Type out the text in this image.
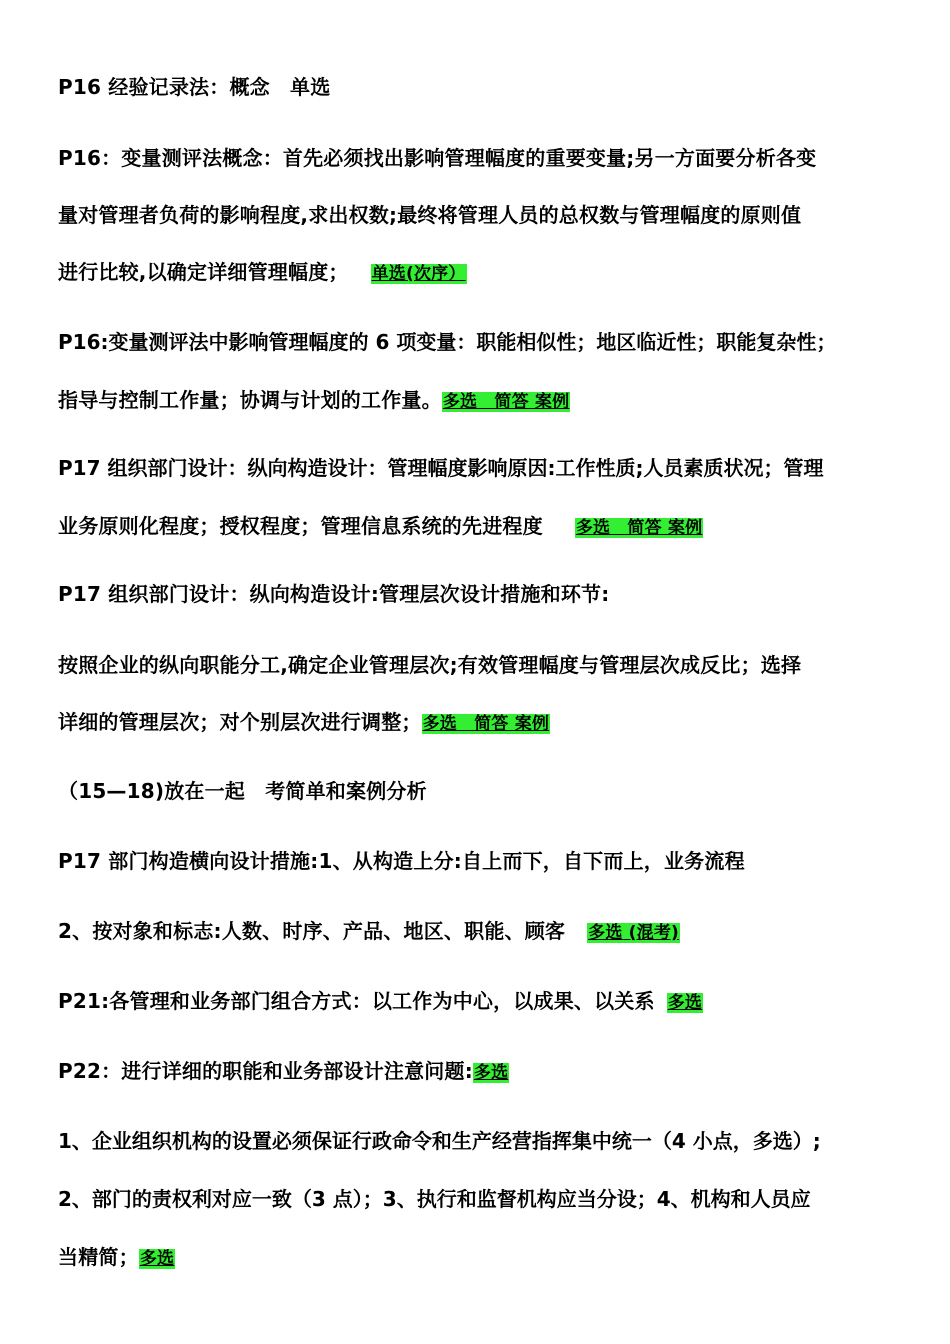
P16 经验记录法：概念　单选
P16：变量测评法概念：首先必须找出影响管理幅度的重要变量;另一方面要分析各变
量对管理者负荷的影响程度,求出权数;最终将管理人员的总权数与管理幅度的原则值
进行比较,以确定详细管理幅度； 单选(次序）
P16:变量测评法中影响管理幅度的 6 项变量：职能相似性；地区临近性；职能复杂性；
指导与控制工作量；协调与计划的工作量。多选　简答 案例
P17 组织部门设计：纵向构造设计：管理幅度影响原因:工作性质;人员素质状况；管理
业务原则化程度；授权程度；管理信息系统的先进程度 多选　简答 案例
P17 组织部门设计：纵向构造设计:管理层次设计措施和环节:
按照企业的纵向职能分工,确定企业管理层次;有效管理幅度与管理层次成反比；选择
详细的管理层次；对个别层次进行调整；多选　简答 案例
（15—18)放在一起　考简单和案例分析
P17 部门构造横向设计措施:1、从构造上分:自上而下，自下而上，业务流程
2、按对象和标志:人数、时序、产品、地区、职能、顾客 多选 (混考)
P21:各管理和业务部门组合方式：以工作为中心，以成果、以关系 多选
P22：进行详细的职能和业务部设计注意问题:多选
1、企业组织机构的设置必须保证行政命令和生产经营指挥集中统一（4 小点，多选）;
2、部门的责权利对应一致（3 点）；3、执行和监督机构应当分设；4、机构和人员应
当精简；多选
